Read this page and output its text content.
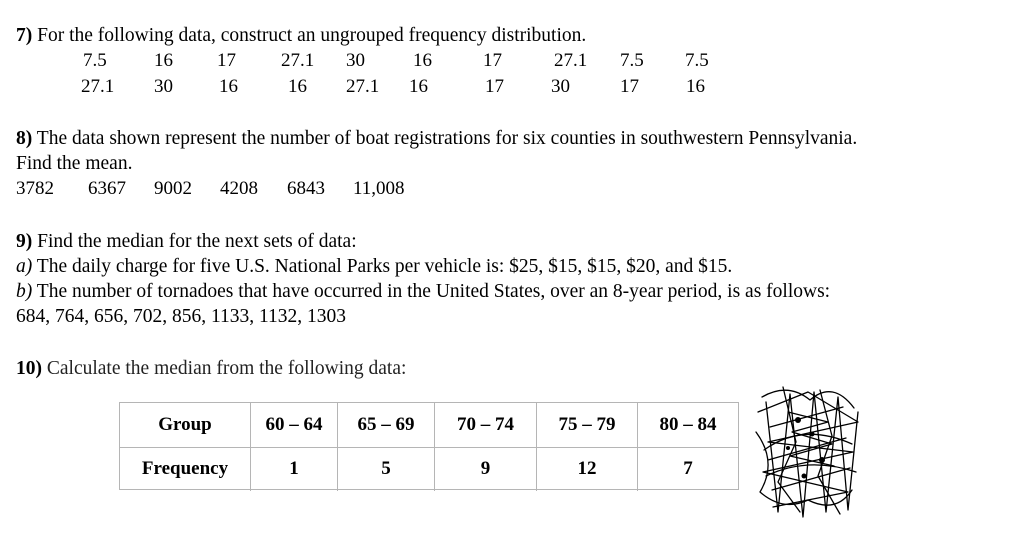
7) For the following data, construct an ungrouped frequency distribution.
7.5 16 17 27.1 30	16	17	27.1 7.5 7.5
27.1 30 16	16 27.1 16	17 30	17 16
8) The data shown represent the number of boat registrations for six counties in southwestern Pennsylvania.
Find the mean.
3782 6367 9002 4208 6843 11,008
9) Find the median for the next sets of data:
a) The daily charge for five U.S. National Parks per vehicle is: $25, $15, $15, $20, and $15.
b) The number of tornadoes that have occurred in the United States, over an 8-year period, is as follows:
684, 764, 656, 702, 856, 1133, 1132, 1303
10) Calculate the median from the following data:
Group	60 – 64	65 – 69	70 – 74	75 – 79	80 – 84
Frequency	1	5	9	12	7
